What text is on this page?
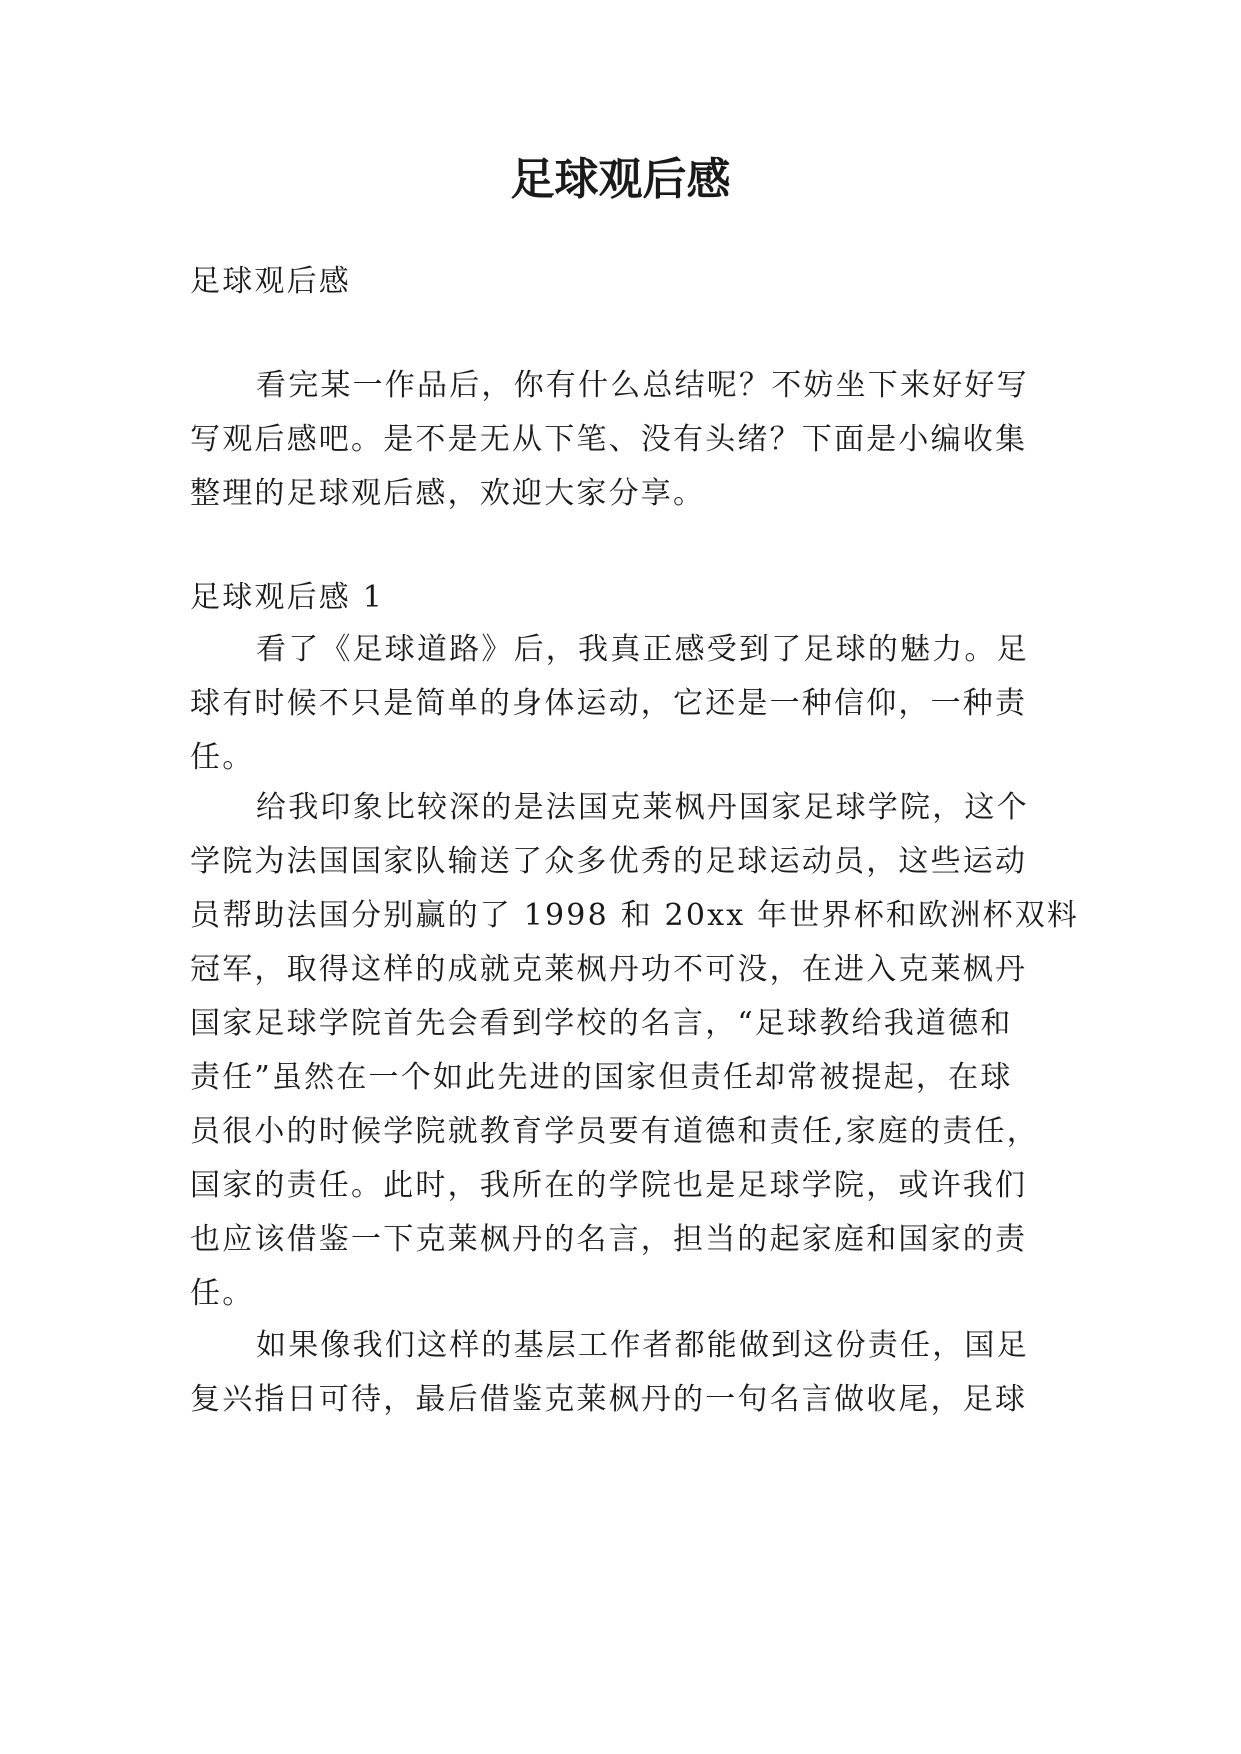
足球观后感
足球观后感
看完某一作品后，你有什么总结呢？不妨坐下来好好写
写观后感吧。是不是无从下笔、没有头绪？下面是小编收集
整理的足球观后感，欢迎大家分享。
足球观后感 1
看了《足球道路》后，我真正感受到了足球的魅力。足
球有时候不只是简单的身体运动，它还是一种信仰，一种责
任。
给我印象比较深的是法国克莱枫丹国家足球学院，这个
学院为法国国家队输送了众多优秀的足球运动员，这些运动
员帮助法国分别赢的了 1998 和 20xx 年世界杯和欧洲杯双料
冠军，取得这样的成就克莱枫丹功不可没，在进入克莱枫丹
国家足球学院首先会看到学校的名言，“足球教给我道德和
责任”虽然在一个如此先进的国家但责任却常被提起，在球
员很小的时候学院就教育学员要有道德和责任,家庭的责任，
国家的责任。此时，我所在的学院也是足球学院，或许我们
也应该借鉴一下克莱枫丹的名言，担当的起家庭和国家的责
任。
如果像我们这样的基层工作者都能做到这份责任，国足
复兴指日可待，最后借鉴克莱枫丹的一句名言做收尾，足球
